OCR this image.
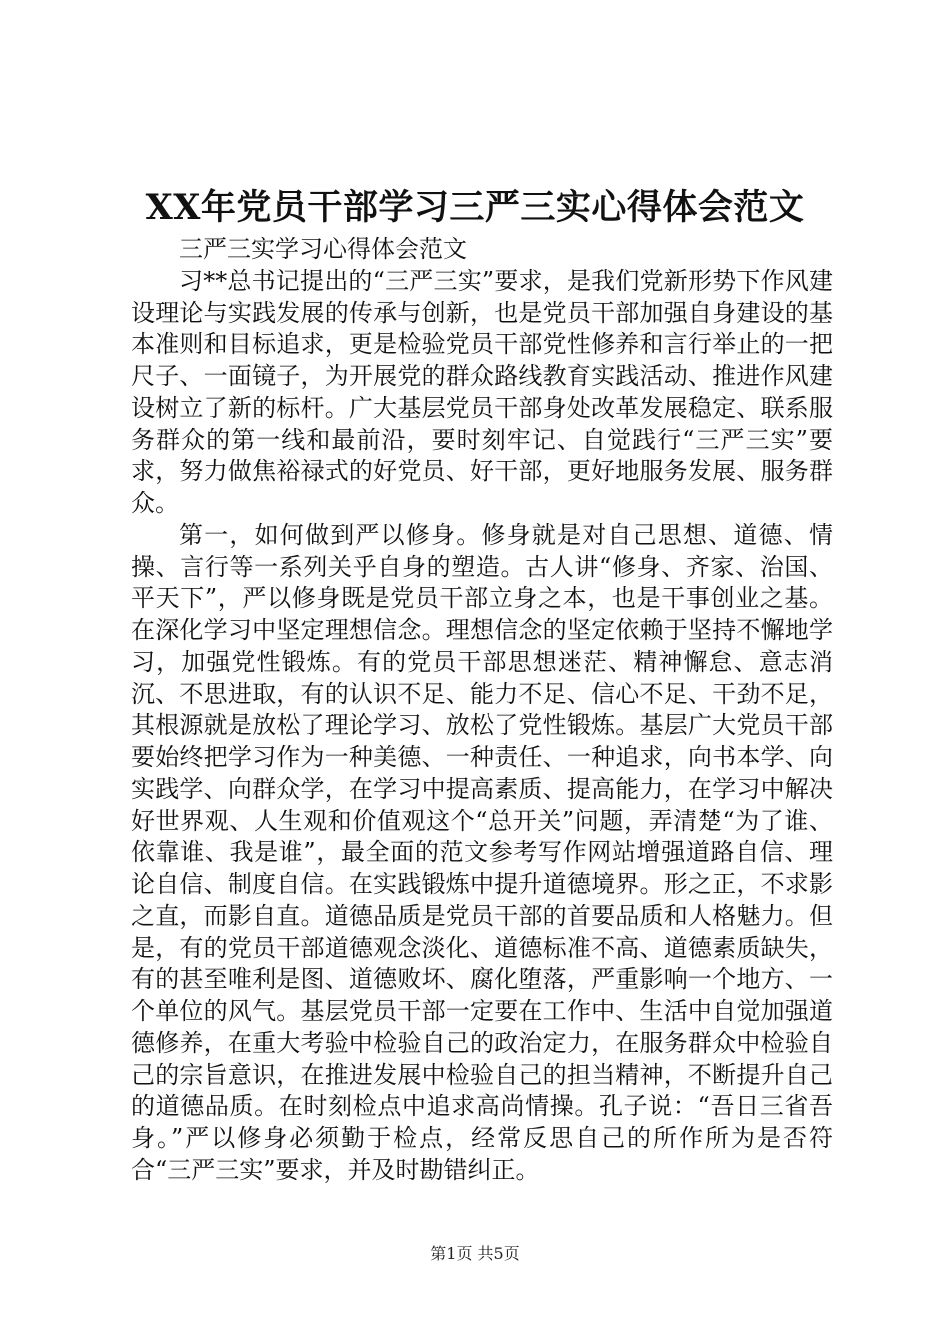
XX年党员干部学习三严三实心得体会范文

三严三实学习心得体会范文

习**总书记提出的“三严三实”要求，是我们党新形势下作风建设理论与实践发展的传承与创新，也是党员干部加强自身建设的基本准则和目标追求，更是检验党员干部党性修养和言行举止的一把尺子、一面镜子，为开展党的群众路线教育实践活动、推进作风建设树立了新的标杆。广大基层党员干部身处改革发展稳定、联系服务群众的第一线和最前沿，要时刻牢记、自觉践行“三严三实”要求，努力做焦裕禄式的好党员、好干部，更好地服务发展、服务群众。

第一，如何做到严以修身。修身就是对自己思想、道德、情操、言行等一系列关乎自身的塑造。古人讲“修身、齐家、治国、平天下”，严以修身既是党员干部立身之本，也是干事创业之基。在深化学习中坚定理想信念。理想信念的坚定依赖于坚持不懈地学习，加强党性锻炼。有的党员干部思想迷茫、精神懈怠、意志消沉、不思进取，有的认识不足、能力不足、信心不足、干劲不足，其根源就是放松了理论学习、放松了党性锻炼。基层广大党员干部要始终把学习作为一种美德、一种责任、一种追求，向书本学、向实践学、向群众学，在学习中提高素质、提高能力，在学习中解决好世界观、人生观和价值观这个“总开关”问题，弄清楚“为了谁、依靠谁、我是谁”，最全面的范文参考写作网站增强道路自信、理论自信、制度自信。在实践锻炼中提升道德境界。形之正，不求影之直，而影自直。道德品质是党员干部的首要品质和人格魅力。但是，有的党员干部道德观念淡化、道德标准不高、道德素质缺失，有的甚至唯利是图、道德败坏、腐化堕落，严重影响一个地方、一个单位的风气。基层党员干部一定要在工作中、生活中自觉加强道德修养，在重大考验中检验自己的政治定力，在服务群众中检验自己的宗旨意识，在推进发展中检验自己的担当精神，不断提升自己的道德品质。在时刻检点中追求高尚情操。孔子说：“吾日三省吾身。”严以修身必须勤于检点，经常反思自己的所作所为是否符合“三严三实”要求，并及时勘错纠正。

第1页 共5页
